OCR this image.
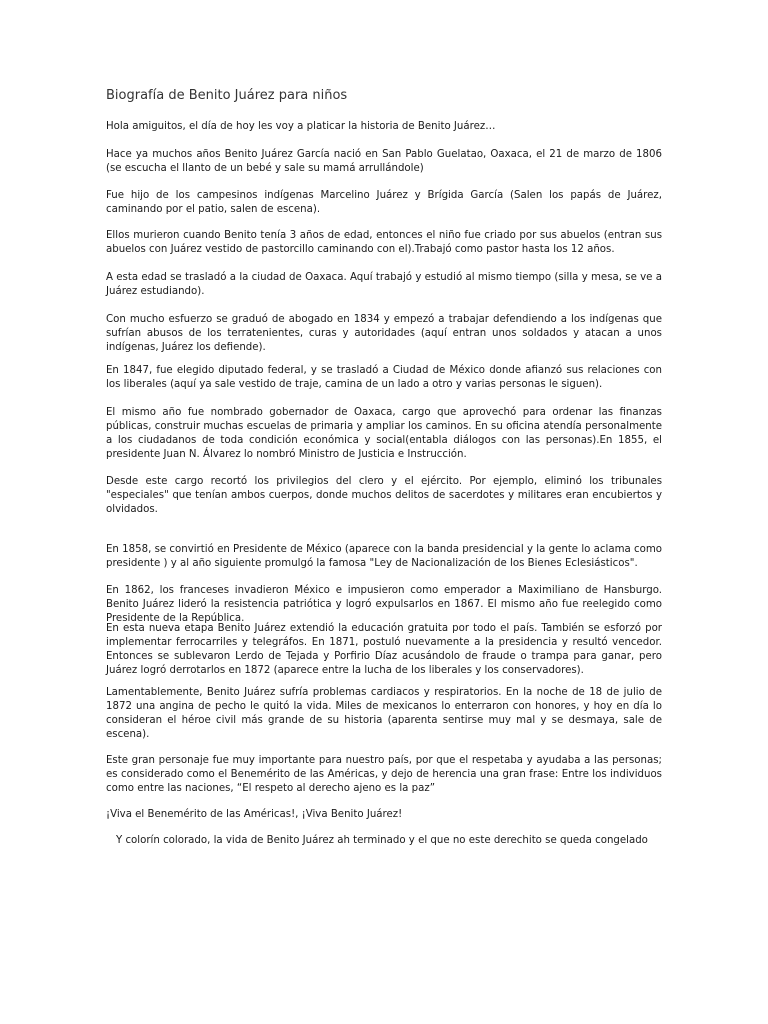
Biografía de Benito Juárez para niños

Hola amiguitos, el día de hoy les voy a platicar la historia de Benito Juárez…

Hace ya muchos años Benito Juárez García nació en San Pablo Guelatao, Oaxaca, el 21 de marzo de 1806 (se escucha el llanto de un bebé y sale su mamá arrullándole)

Fue hijo de los campesinos indígenas Marcelino Juárez y Brígida García (Salen los papás de Juárez, caminando por el patio, salen de escena).

Ellos murieron cuando Benito tenía 3 años de edad, entonces el niño fue criado por sus abuelos (entran sus abuelos con Juárez vestido de pastorcillo caminando con el).Trabajó como pastor hasta los 12 años.

A esta edad se trasladó a la ciudad de Oaxaca. Aquí trabajó y estudió al mismo tiempo (silla y mesa, se ve a Juárez estudiando).

Con mucho esfuerzo se graduó de abogado en 1834 y empezó a trabajar defendiendo a los indígenas que sufrían abusos de los terratenientes, curas y autoridades (aquí entran unos soldados y atacan a unos indígenas, Juárez los defiende).

En 1847, fue elegido diputado federal, y se trasladó a Ciudad de México donde afianzó sus relaciones con los liberales (aquí ya sale vestido de traje, camina de un lado a otro y varias personas le siguen).

El mismo año fue nombrado gobernador de Oaxaca, cargo que aprovechó para ordenar las finanzas públicas, construir muchas escuelas de primaria y ampliar los caminos. En su oficina atendía personalmente a los ciudadanos de toda condición económica y social(entabla diálogos con las personas).En 1855, el presidente Juan N. Álvarez lo nombró Ministro de Justicia e Instrucción.

Desde este cargo recortó los privilegios del clero y el ejército. Por ejemplo, eliminó los tribunales "especiales" que tenían ambos cuerpos, donde muchos delitos de sacerdotes y militares eran encubiertos y olvidados.

En 1858, se convirtió en Presidente de México (aparece con la banda presidencial y la gente lo aclama como presidente ) y al año siguiente promulgó la famosa "Ley de Nacionalización de los Bienes Eclesiásticos".

En 1862, los franceses invadieron México e impusieron como emperador a Maximiliano de Hansburgo. Benito Juárez lideró la resistencia patriótica y logró expulsarlos en 1867. El mismo año fue reelegido como Presidente de la República.

En esta nueva etapa Benito Juárez extendió la educación gratuita por todo el país. También se esforzó por implementar ferrocarriles y telegráfos. En 1871, postuló nuevamente a la presidencia y resultó vencedor. Entonces se sublevaron Lerdo de Tejada y Porfirio Díaz acusándolo de fraude o trampa para ganar, pero Juárez logró derrotarlos en 1872 (aparece entre la lucha de los liberales y los conservadores).

Lamentablemente, Benito Juárez sufría problemas cardiacos y respiratorios. En la noche de 18 de julio de 1872 una angina de pecho le quitó la vida. Miles de mexicanos lo enterraron con honores, y hoy en día lo consideran el héroe civil más grande de su historia (aparenta sentirse muy mal y se desmaya, sale de escena).

Este gran personaje fue muy importante para nuestro país, por que el respetaba y ayudaba a las personas; es considerado como el Benemérito de las Américas, y dejo de herencia una gran frase: Entre los individuos como entre las naciones, “El respeto al derecho ajeno es la paz”

¡Viva el Benemérito de las Américas!, ¡Viva Benito Juárez!

Y colorín colorado, la vida de Benito Juárez ah terminado y el que no este derechito se queda congelado
